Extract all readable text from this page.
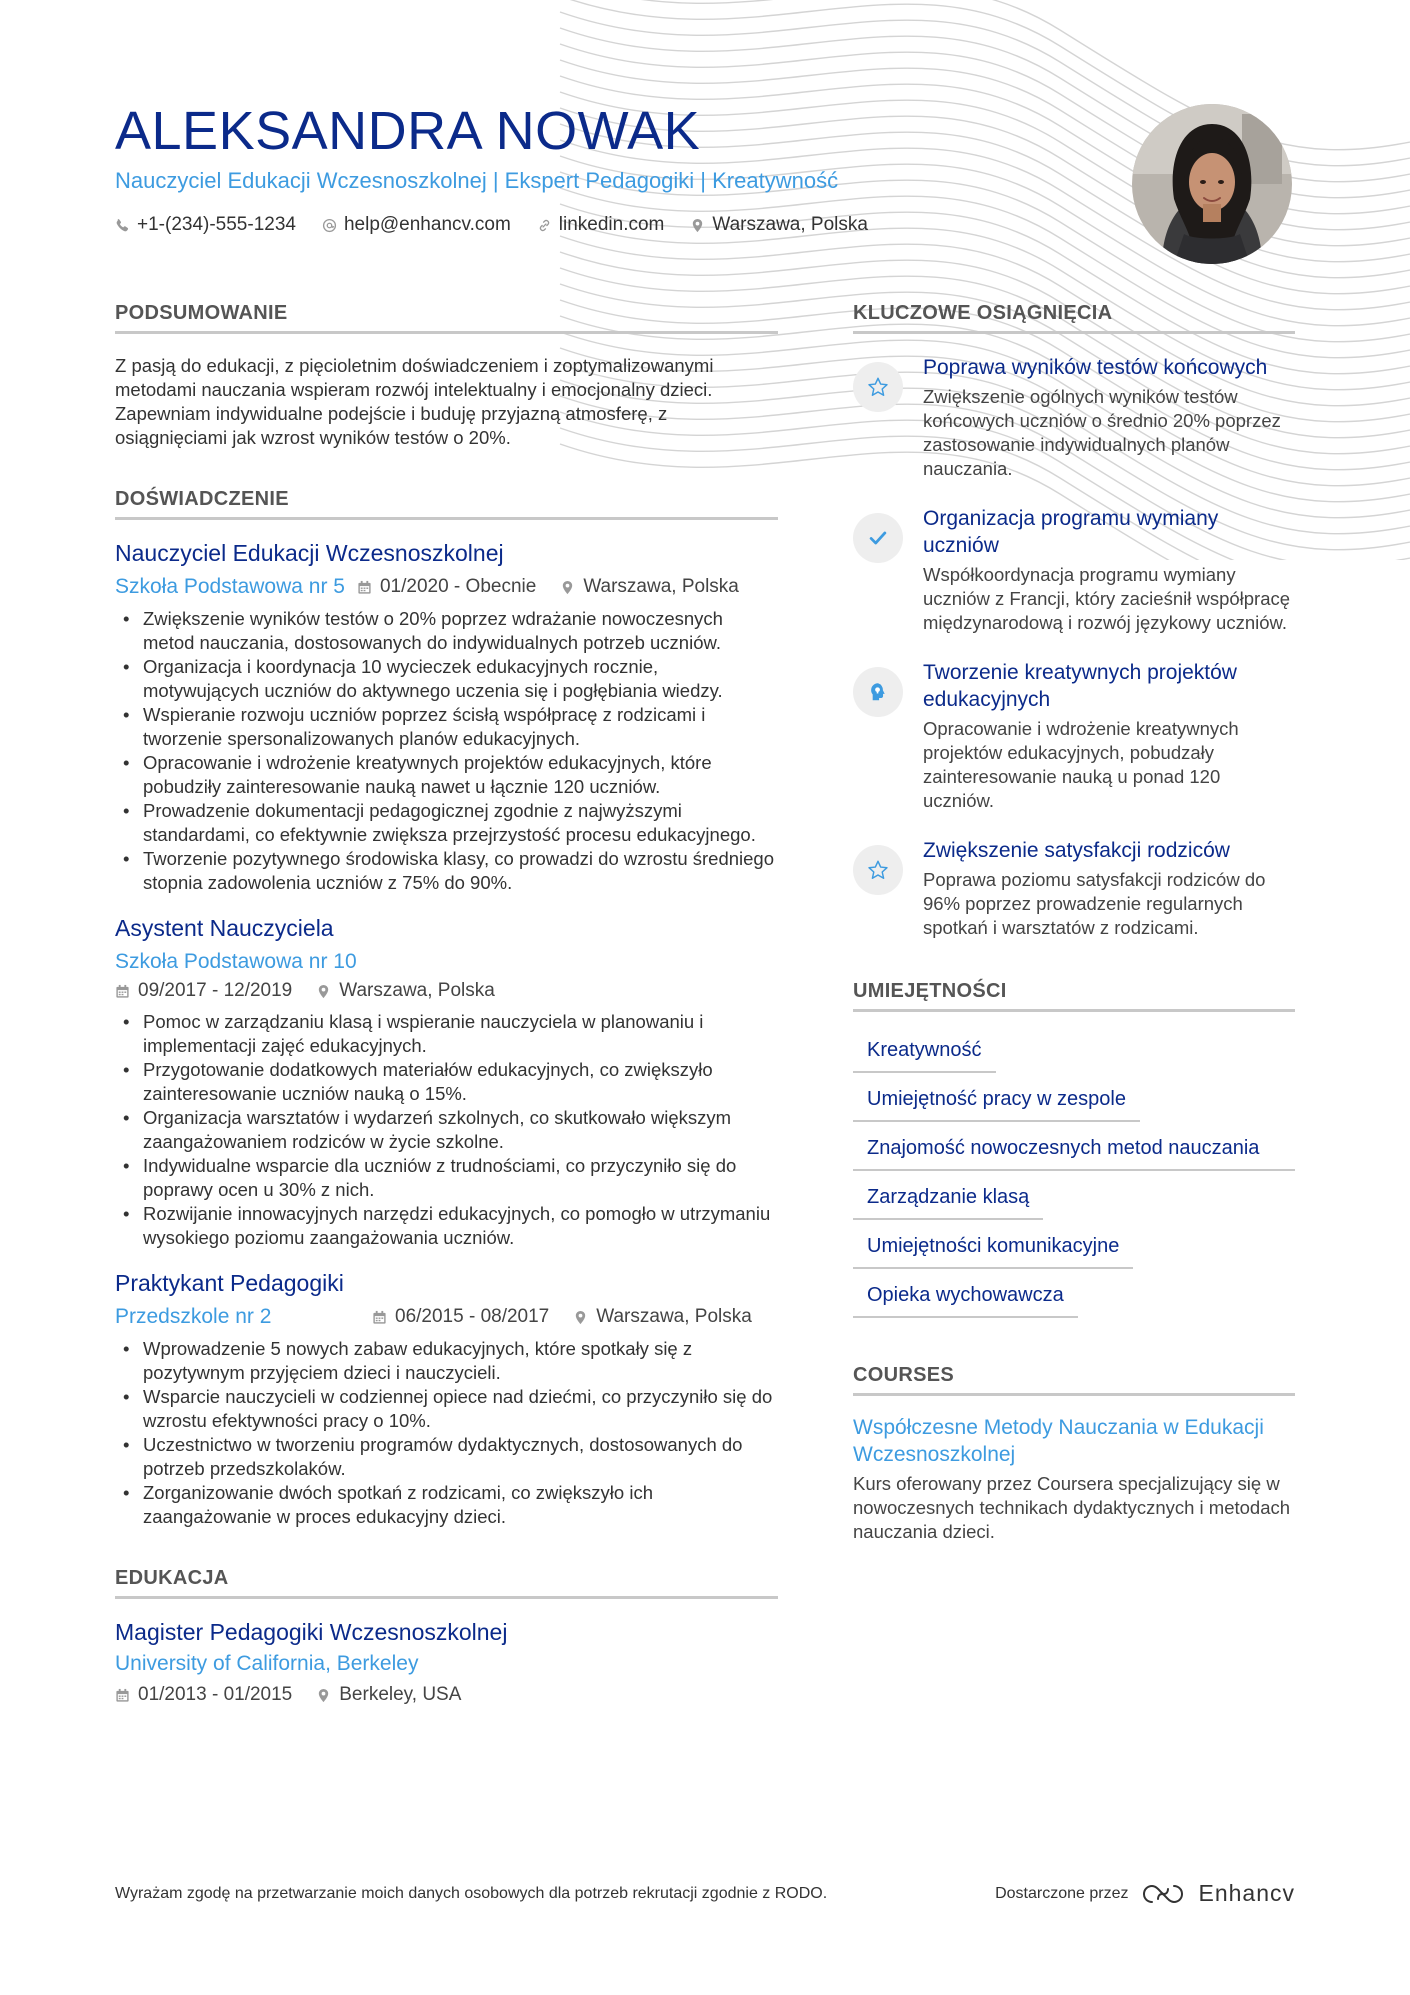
ALEKSANDRA NOWAK
Nauczyciel Edukacji Wczesnoszkolnej | Ekspert Pedagogiki | Kreatywność
+1-(234)-555-1234	help@enhancv.com	linkedin.com	Warszawa, Polska
PODSUMOWANIE

Z pasją do edukacji, z pięcioletnim doświadczeniem i zoptymalizowanymi metodami nauczania wspieram rozwój intelektualny i emocjonalny dzieci. Zapewniam indywidualne podejście i buduję przyjazną atmosferę, z osiągnięciami jak wzrost wyników testów o 20%.

DOŚWIADCZENIE
Nauczyciel Edukacji Wczesnoszkolnej
Szkoła Podstawowa nr 5 01/2020 - Obecnie Warszawa, Polska
• Zwiększenie wyników testów o 20% poprzez wdrażanie nowoczesnych metod nauczania, dostosowanych do indywidualnych potrzeb uczniów.
• Organizacja i koordynacja 10 wycieczek edukacyjnych rocznie, motywujących uczniów do aktywnego uczenia się i pogłębiania wiedzy.
• Wspieranie rozwoju uczniów poprzez ścisłą współpracę z rodzicami i tworzenie spersonalizowanych planów edukacyjnych.
• Opracowanie i wdrożenie kreatywnych projektów edukacyjnych, które pobudziły zainteresowanie nauką nawet u łącznie 120 uczniów.
• Prowadzenie dokumentacji pedagogicznej zgodnie z najwyższymi standardami, co efektywnie zwiększa przejrzystość procesu edukacyjnego.
• Tworzenie pozytywnego środowiska klasy, co prowadzi do wzrostu średniego stopnia zadowolenia uczniów z 75% do 90%.
Asystent Nauczyciela
Szkoła Podstawowa nr 10
09/2017 - 12/2019 Warszawa, Polska
• Pomoc w zarządzaniu klasą i wspieranie nauczyciela w planowaniu i implementacji zajęć edukacyjnych.
• Przygotowanie dodatkowych materiałów edukacyjnych, co zwiększyło zainteresowanie uczniów nauką o 15%.
• Organizacja warsztatów i wydarzeń szkolnych, co skutkowało większym zaangażowaniem rodziców w życie szkolne.
• Indywidualne wsparcie dla uczniów z trudnościami, co przyczyniło się do poprawy ocen u 30% z nich.
• Rozwijanie innowacyjnych narzędzi edukacyjnych, co pomogło w utrzymaniu wysokiego poziomu zaangażowania uczniów.
Praktykant Pedagogiki
Przedszkole nr 2	06/2015 - 08/2017 Warszawa, Polska
• Wprowadzenie 5 nowych zabaw edukacyjnych, które spotkały się z pozytywnym przyjęciem dzieci i nauczycieli.
• Wsparcie nauczycieli w codziennej opiece nad dziećmi, co przyczyniło się do wzrostu efektywności pracy o 10%.
• Uczestnictwo w tworzeniu programów dydaktycznych, dostosowanych do potrzeb przedszkolaków.
• Zorganizowanie dwóch spotkań z rodzicami, co zwiększyło ich zaangażowanie w proces edukacyjny dzieci.
EDUKACJA
Magister Pedagogiki Wczesnoszkolnej
University of California, Berkeley
01/2013 - 01/2015 Berkeley, USA
KLUCZOWE OSIĄGNIĘCIA
Poprawa wyników testów końcowych
Zwiększenie ogólnych wyników testów końcowych uczniów o średnio 20% poprzez zastosowanie indywidualnych planów nauczania.
Organizacja programu wymiany uczniów
Współkoordynacja programu wymiany uczniów z Francji, który zacieśnił współpracę międzynarodową i rozwój językowy uczniów.
Tworzenie kreatywnych projektów edukacyjnych
Opracowanie i wdrożenie kreatywnych projektów edukacyjnych, pobudzały zainteresowanie nauką u ponad 120 uczniów.
Zwiększenie satysfakcji rodziców
Poprawa poziomu satysfakcji rodziców do 96% poprzez prowadzenie regularnych spotkań i warsztatów z rodzicami.
UMIEJĘTNOŚCI
Kreatywność
Umiejętność pracy w zespole
Znajomość nowoczesnych metod nauczania
Zarządzanie klasą
Umiejętności komunikacyjne
Opieka wychowawcza
COURSES
Współczesne Metody Nauczania w Edukacji Wczesnoszkolnej
Kurs oferowany przez Coursera specjalizujący się w nowoczesnych technikach dydaktycznych i metodach nauczania dzieci.
Wyrażam zgodę na przetwarzanie moich danych osobowych dla potrzeb rekrutacji zgodnie z RODO.	Dostarczone przez	Enhancv
